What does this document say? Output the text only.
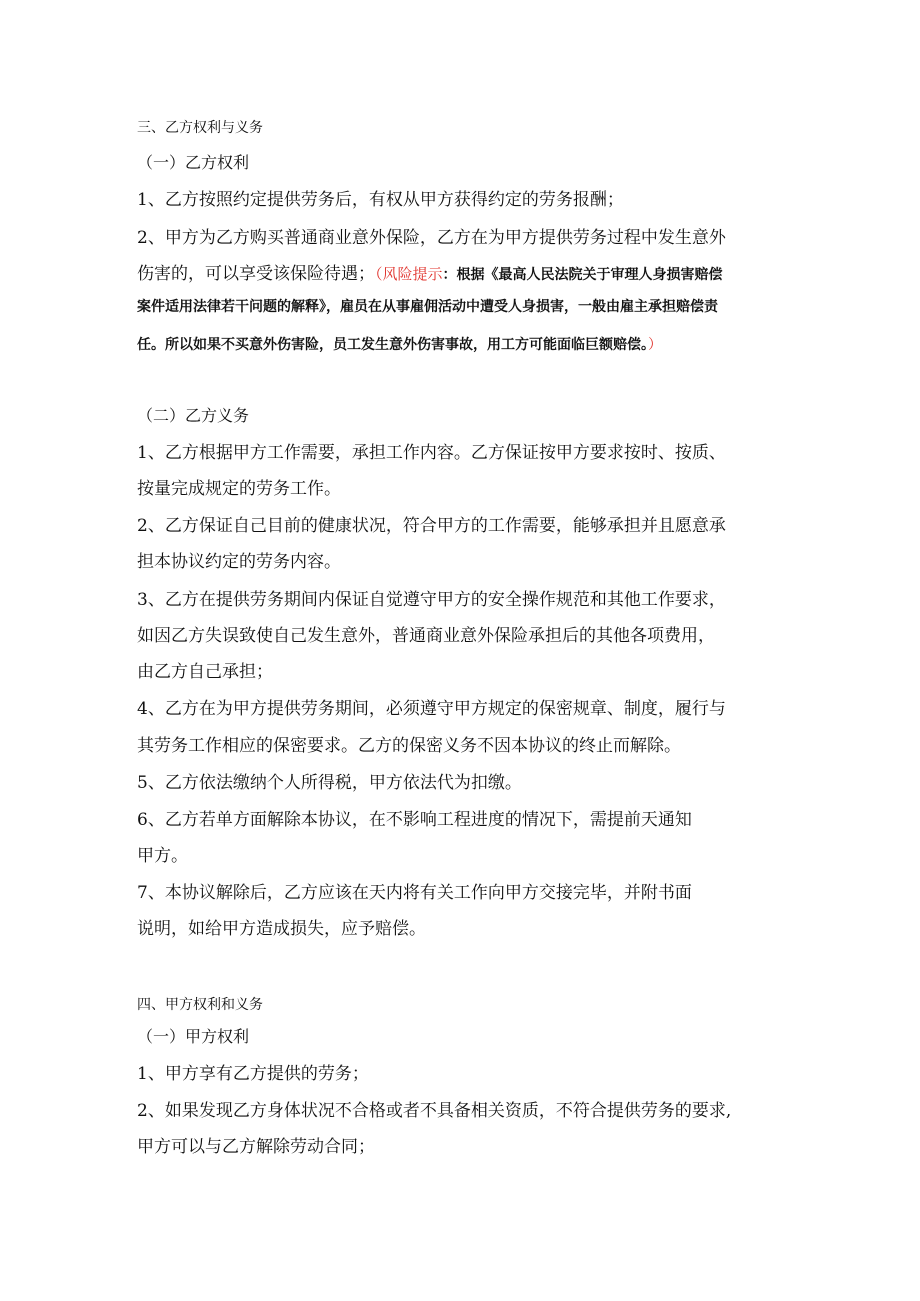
三、乙方权利与义务
（一）乙方权利
1、乙方按照约定提供劳务后，有权从甲方获得约定的劳务报酬；
2、甲方为乙方购买普通商业意外保险，乙方在为甲方提供劳务过程中发生意外
伤害的，可以享受该保险待遇；（风险提示：根据《最高人民法院关于审理人身损害赔偿
案件适用法律若干问题的解释》，雇员在从事雇佣活动中遭受人身损害，一般由雇主承担赔偿责
任。所以如果不买意外伤害险，员工发生意外伤害事故，用工方可能面临巨额赔偿。）
（二）乙方义务
1、乙方根据甲方工作需要，承担工作内容。乙方保证按甲方要求按时、按质、
按量完成规定的劳务工作。
2、乙方保证自己目前的健康状况，符合甲方的工作需要，能够承担并且愿意承
担本协议约定的劳务内容。
3、乙方在提供劳务期间内保证自觉遵守甲方的安全操作规范和其他工作要求，
如因乙方失误致使自己发生意外，普通商业意外保险承担后的其他各项费用，
由乙方自己承担；
4、乙方在为甲方提供劳务期间，必须遵守甲方规定的保密规章、制度，履行与
其劳务工作相应的保密要求。乙方的保密义务不因本协议的终止而解除。
5、乙方依法缴纳个人所得税，甲方依法代为扣缴。
6、乙方若单方面解除本协议，在不影响工程进度的情况下，需提前天通知
甲方。
7、本协议解除后，乙方应该在天内将有关工作向甲方交接完毕，并附书面
说明，如给甲方造成损失，应予赔偿。
四、甲方权利和义务
（一）甲方权利
1、甲方享有乙方提供的劳务；
2、如果发现乙方身体状况不合格或者不具备相关资质，不符合提供劳务的要求,
甲方可以与乙方解除劳动合同；
